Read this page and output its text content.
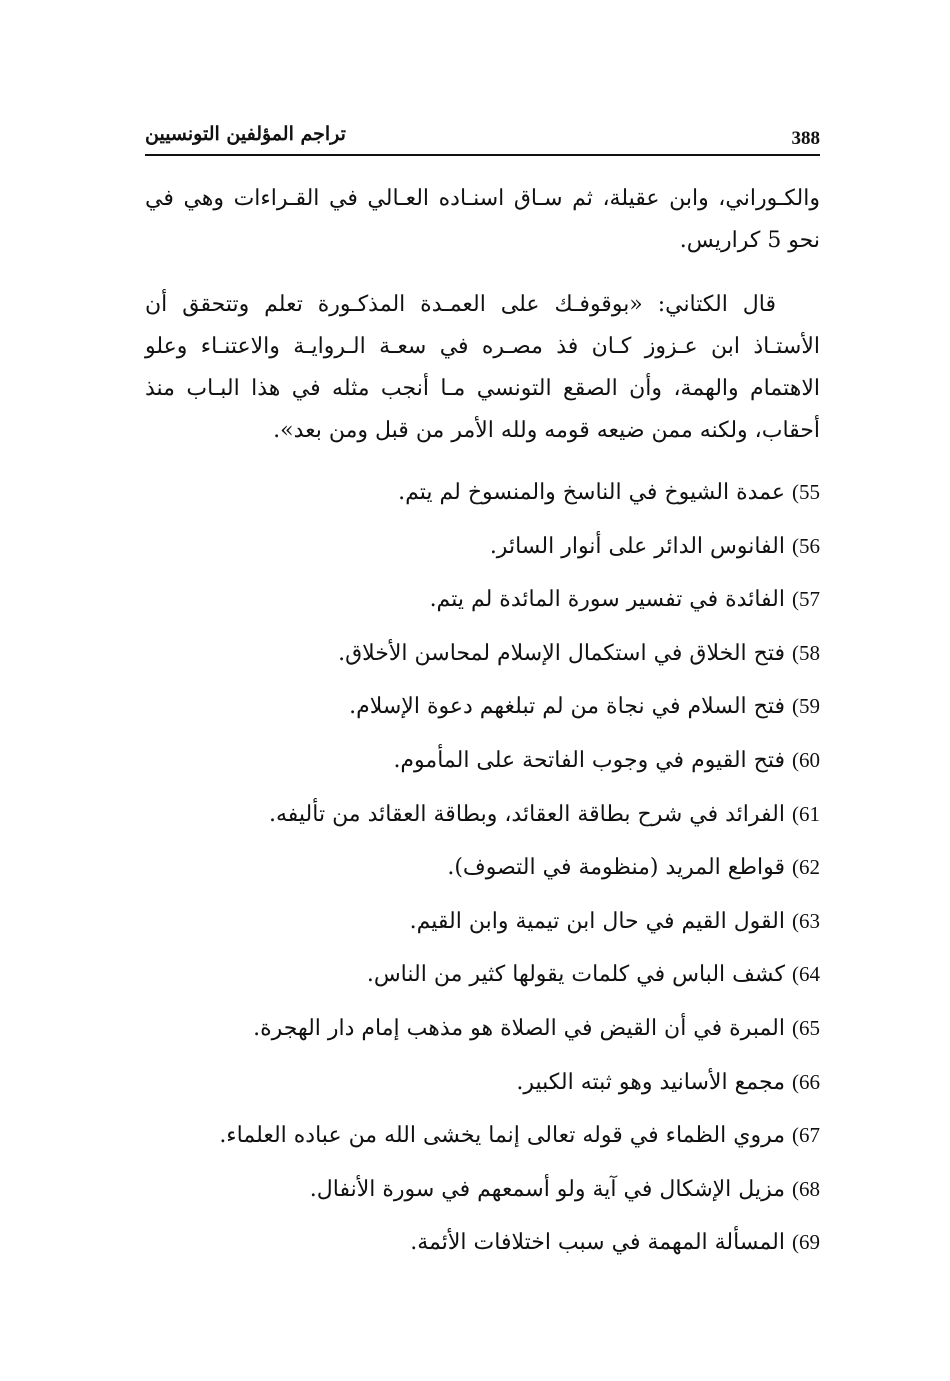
تراجم المؤلفين التونسيين	388

والكـوراني، وابن عقيلة، ثم سـاق اسنـاده العـالي في القـراءات وهي في نحو 5 كراريس.

قال الكتاني: «بوقوفـك على العمـدة المذكـورة تعلم وتتحقق أن الأستـاذ ابن عـزوز كـان فذ مصـره في سعـة الـروايـة والاعتنـاء وعلو الاهتمام والهمة، وأن الصقع التونسي مـا أنجب مثله في هذا البـاب منذ أحقاب، ولكنه ممن ضيعه قومه ولله الأمر من قبل ومن بعد».

55) عمدة الشيوخ في الناسخ والمنسوخ لم يتم.
56) الفانوس الدائر على أنوار السائر.
57) الفائدة في تفسير سورة المائدة لم يتم.
58) فتح الخلاق في استكمال الإسلام لمحاسن الأخلاق.
59) فتح السلام في نجاة من لم تبلغهم دعوة الإسلام.
60) فتح القيوم في وجوب الفاتحة على المأموم.
61) الفرائد في شرح بطاقة العقائد، وبطاقة العقائد من تأليفه.
62) قواطع المريد (منظومة في التصوف).
63) القول القيم في حال ابن تيمية وابن القيم.
64) كشف الباس في كلمات يقولها كثير من الناس.
65) المبرة في أن القيض في الصلاة هو مذهب إمام دار الهجرة.
66) مجمع الأسانيد وهو ثبته الكبير.
67) مروي الظماء في قوله تعالى إنما يخشى الله من عباده العلماء.
68) مزيل الإشكال في آية ولو أسمعهم في سورة الأنفال.
69) المسألة المهمة في سبب اختلافات الأئمة.
